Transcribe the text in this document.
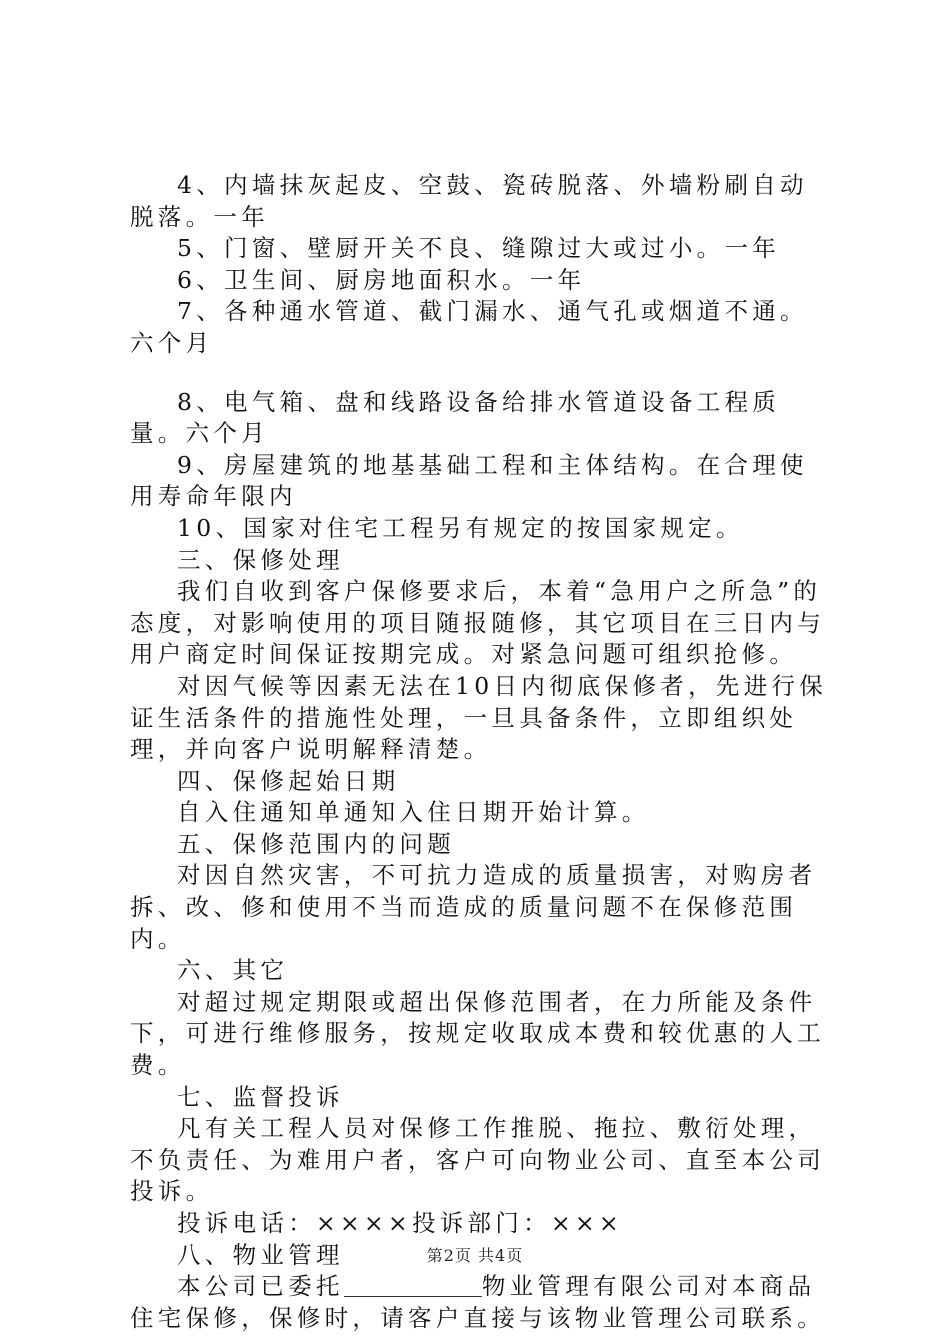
4、内墙抹灰起皮、空鼓、瓷砖脱落、外墙粉刷自动脱落。一年

5、门窗、壁厨开关不良、缝隙过大或过小。一年

6、卫生间、厨房地面积水。一年

7、各种通水管道、截门漏水、通气孔或烟道不通。六个月

8、电气箱、盘和线路设备给排水管道设备工程质量。六个月

9、房屋建筑的地基基础工程和主体结构。在合理使用寿命年限内

10、国家对住宅工程另有规定的按国家规定。

三、保修处理

我们自收到客户保修要求后，本着“急用户之所急”的态度，对影响使用的项目随报随修，其它项目在三日内与用户商定时间保证按期完成。对紧急问题可组织抢修。

对因气候等因素无法在10日内彻底保修者，先进行保证生活条件的措施性处理，一旦具备条件，立即组织处理，并向客户说明解释清楚。

四、保修起始日期

自入住通知单通知入住日期开始计算。

五、保修范围内的问题

对因自然灾害，不可抗力造成的质量损害，对购房者拆、改、修和使用不当而造成的质量问题不在保修范围内。

六、其它

对超过规定期限或超出保修范围者，在力所能及条件下，可进行维修服务，按规定收取成本费和较优惠的人工费。

七、监督投诉

凡有关工程人员对保修工作推脱、拖拉、敷衍处理，不负责任、为难用户者，客户可向物业公司、直至本公司投诉。

投诉电话：××××投诉部门：×××

八、物业管理

本公司已委托	物业管理有限公司对本商品住宅保修，保修时，请客户直接与该物业管理公司联系。

第2页 共4页
